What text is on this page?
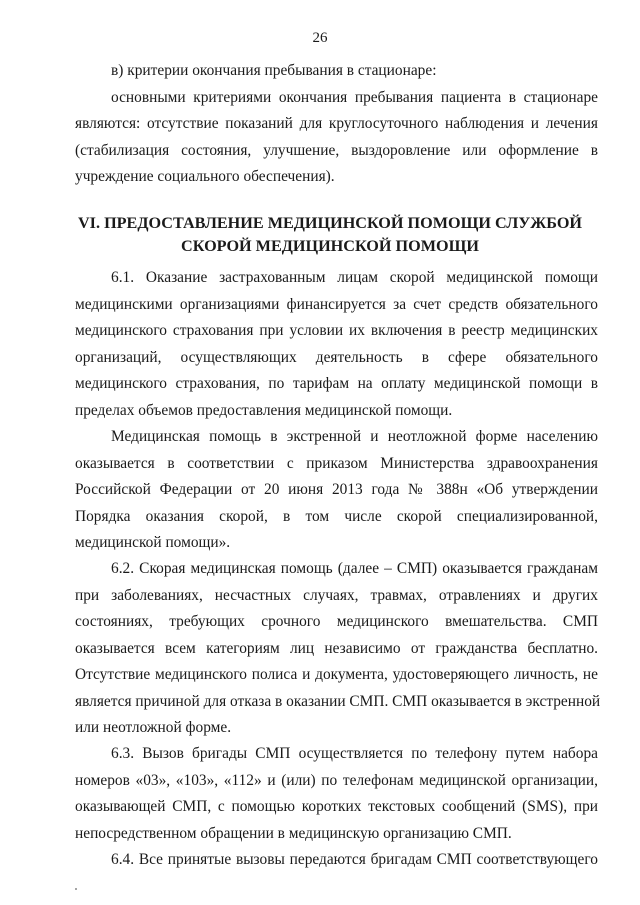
26
в) критерии окончания пребывания в стационаре:
основными критериями окончания пребывания пациента в стационаре
являются: отсутствие показаний для круглосуточного наблюдения и лечения
(стабилизация состояния, улучшение, выздоровление или оформление в
учреждение социального обеспечения).
VI. ПРЕДОСТАВЛЕНИЕ МЕДИЦИНСКОЙ ПОМОЩИ СЛУЖБОЙ
СКОРОЙ МЕДИЦИНСКОЙ ПОМОЩИ
6.1. Оказание застрахованным лицам скорой медицинской помощи
медицинскими организациями финансируется за счет средств обязательного
медицинского страхования при условии их включения в реестр медицинских
организаций, осуществляющих деятельность в сфере обязательного
медицинского страхования, по тарифам на оплату медицинской помощи в
пределах объемов предоставления медицинской помощи.
Медицинская помощь в экстренной и неотложной форме населению
оказывается в соответствии с приказом Министерства здравоохранения
Российской Федерации от 20 июня 2013 года № 388н «Об утверждении
Порядка оказания скорой, в том числе скорой специализированной,
медицинской помощи».
6.2. Скорая медицинская помощь (далее – СМП) оказывается гражданам
при заболеваниях, несчастных случаях, травмах, отравлениях и других
состояниях, требующих срочного медицинского вмешательства. СМП
оказывается всем категориям лиц независимо от гражданства бесплатно.
Отсутствие медицинского полиса и документа, удостоверяющего личность, не
является причиной для отказа в оказании СМП. СМП оказывается в экстренной
или неотложной форме.
6.3. Вызов бригады СМП осуществляется по телефону путем набора
номеров «03», «103», «112» и (или) по телефонам медицинской организации,
оказывающей СМП, с помощью коротких текстовых сообщений (SMS), при
непосредственном обращении в медицинскую организацию СМП.
6.4. Все принятые вызовы передаются бригадам СМП соответствующего
